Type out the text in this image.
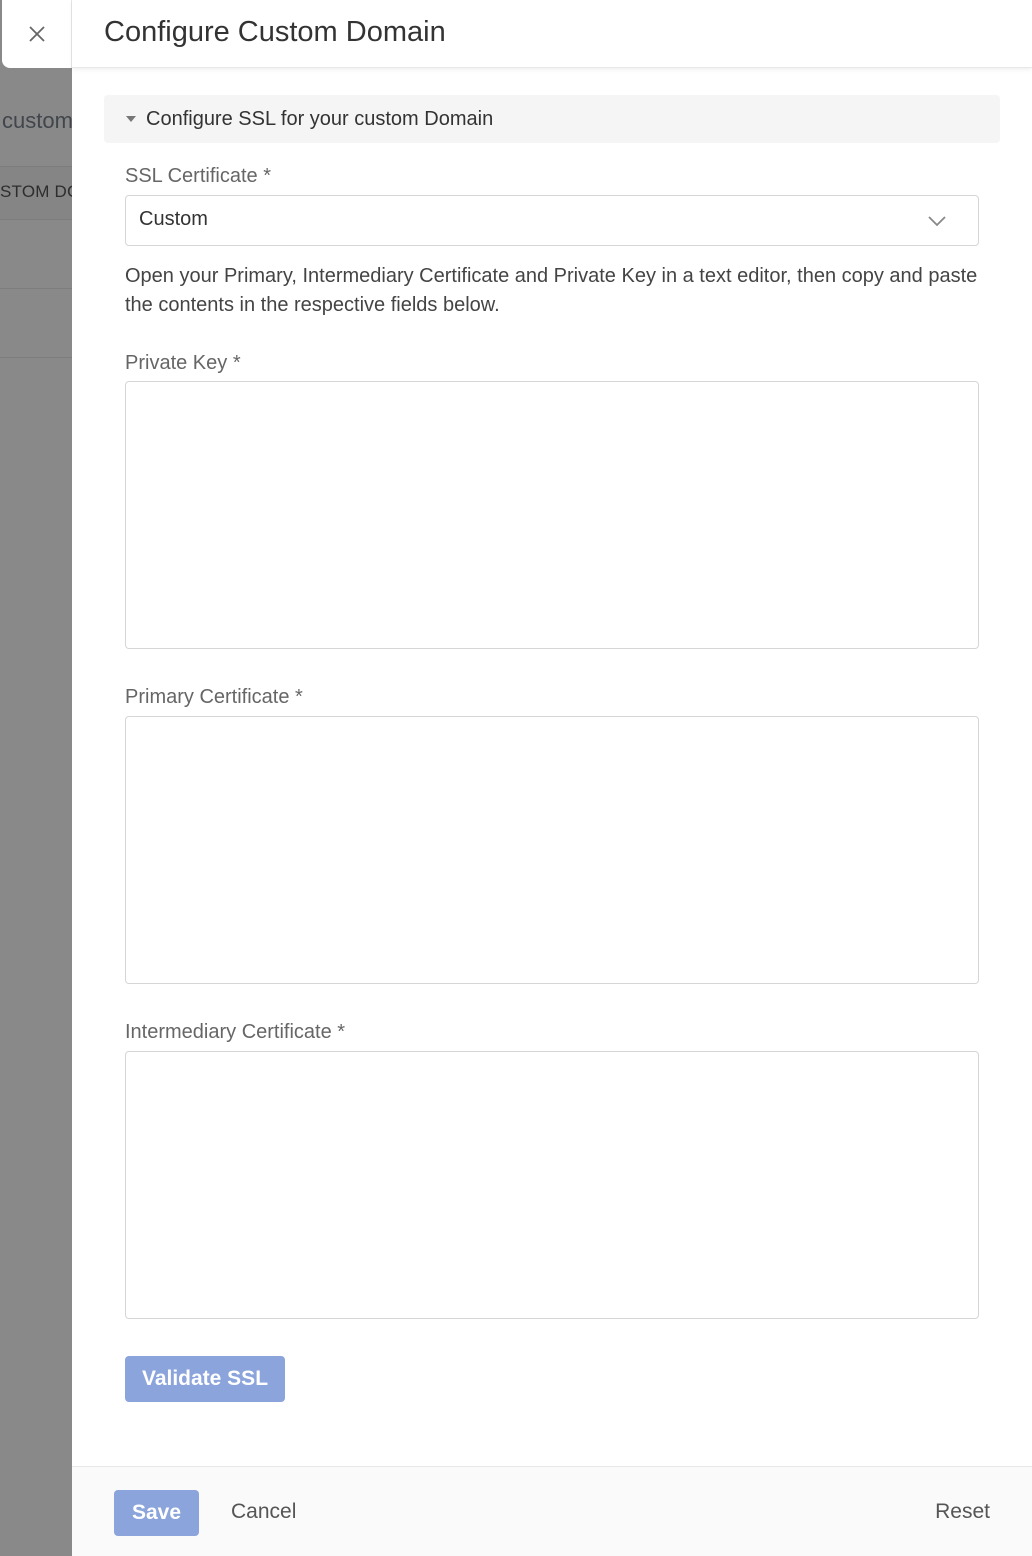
Configure Custom Domain
Configure SSL for your custom Domain
SSL Certificate *
Custom

Open your Primary, Intermediary Certificate and Private Key in a text editor, then copy and paste the contents in the respective fields below.

Private Key *
Primary Certificate *
Intermediary Certificate *
Validate SSL
Save	Cancel	Reset
